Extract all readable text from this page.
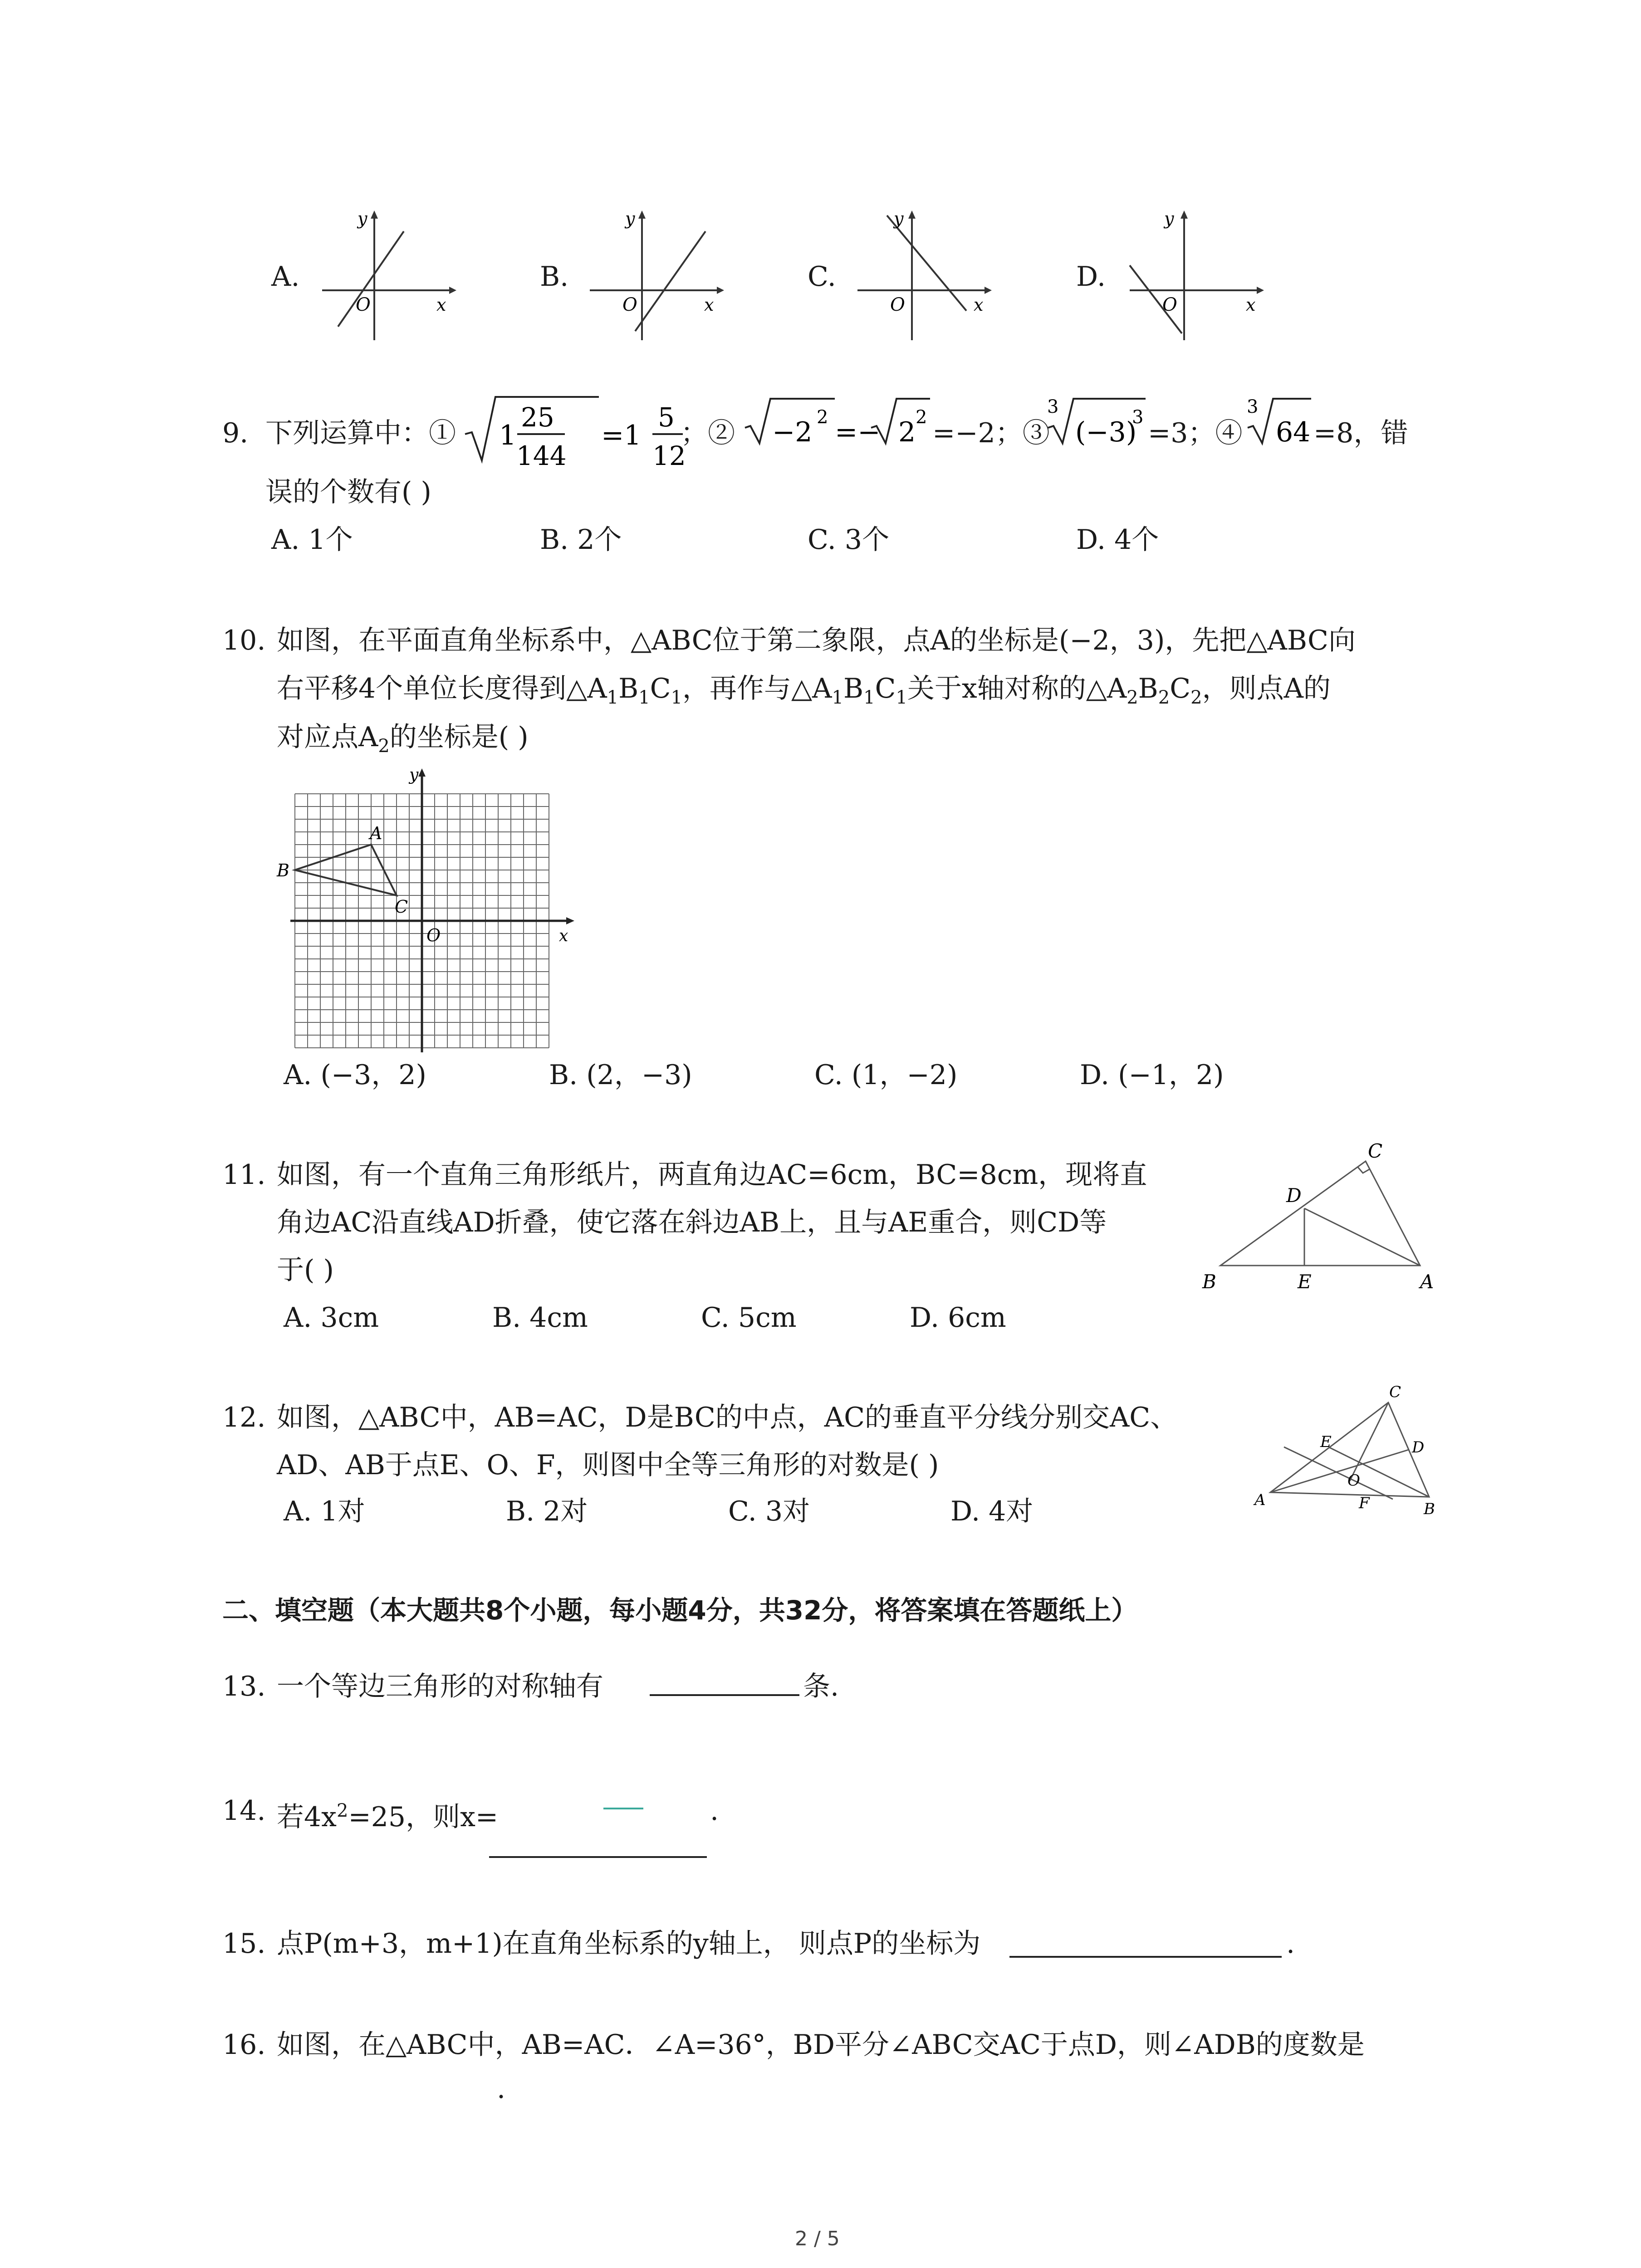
A.
y
O	x
B.
y
O	x
C.
y
O	x
D.
y
O	x
9. 下列运算中：① 1
25
144
=1
5
12
；② −2 2 =− 2 2 =−2；③
3
(−3)
3 =3；④
3
64 =8，错
误的个数有( )
A. 1个	B. 2个	C. 3个	D. 4个
10. 如图，在平面直角坐标系中，△ABC位于第二象限，点A的坐标是(−2，3)，先把△ABC向
右平移4个单位长度得到$\triangle A_1B_1C_1$，再作与$\triangle A_1B_1C_1$关于x轴对称的$\triangle A_2B_2C_2$，则点A的
对应点$A_2$的坐标是( )
A
B
C
O	x
y
A. (−3，2)	B. (2，−3)	C. (1，−2)	D. (−1，2)
11. 如图，有一个直角三角形纸片，两直角边AC=6cm，BC=8cm，现将直
角边AC沿直线AD折叠，使它落在斜边AB上，且与AE重合，则CD等
于( )
A. 3cm	B. 4cm	C. 5cm	D. 6cm
C
D
B	E	A
12. 如图，△ABC中，AB=AC，D是BC的中点，AC的垂直平分线分别交AC、
AD、AB于点E、O、F，则图中全等三角形的对数是( )
A. 1对	B. 2对	C. 3对	D. 4对
C
E	D
O
A	F	B
二、填空题（本大题共8个小题，每小题4分，共32分，将答案填在答题纸上）
13. 一个等边三角形的对称轴有	条.
14. 若$4x^2=25$，则x=	.
15. 点P(m+3，m+1)在直角坐标系的y轴上， 则点P的坐标为	.
16. 如图，在△ABC中，AB=AC．∠A=36°，BD平分∠ABC交AC于点D，则∠ADB的度数是
.
2 / 5
